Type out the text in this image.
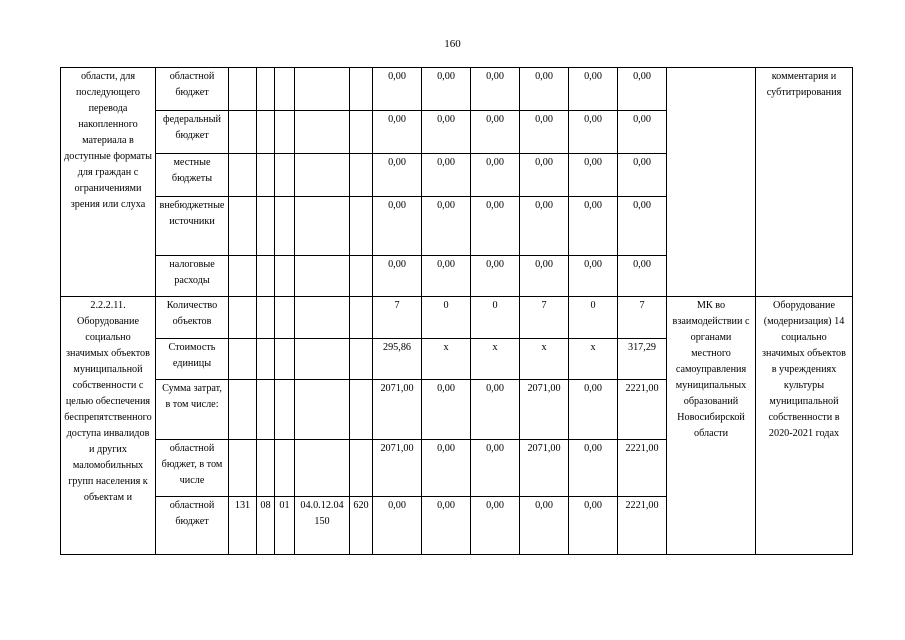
160
области, для последующего перевода накопленного материала в доступные форматы для граждан с ограничениями зрения или слуха	областной бюджет						0,00	0,00	0,00	0,00	0,00	0,00		комментария и субтитрирования
	федеральный бюджет						0,00	0,00	0,00	0,00	0,00	0,00		
	местные бюджеты						0,00	0,00	0,00	0,00	0,00	0,00		
	внебюджетные источники						0,00	0,00	0,00	0,00	0,00	0,00		
	налоговые расходы						0,00	0,00	0,00	0,00	0,00	0,00		
2.2.2.11. Оборудование социально значимых объектов муниципальной собственности с целью обеспечения беспрепятственного доступа инвалидов и других маломобильных групп населения к объектам и	Количество объектов						7	0	0	7	0	7	МК во взаимодействии с органами местного самоуправления муниципальных образований Новосибирской области	Оборудование (модернизация) 14 социально значимых объектов в учреждениях культуры муниципальной собственности в 2020-2021 годах
	Стоимость единицы						295,86	x	x	x	x	317,29		
	Сумма затрат, в том числе:						2071,00	0,00	0,00	2071,00	0,00	2221,00		
	областной бюджет, в том числе						2071,00	0,00	0,00	2071,00	0,00	2221,00		
	областной бюджет	131	08	01	04.0.12.04150	620	0,00	0,00	0,00	0,00	0,00	2221,00		
